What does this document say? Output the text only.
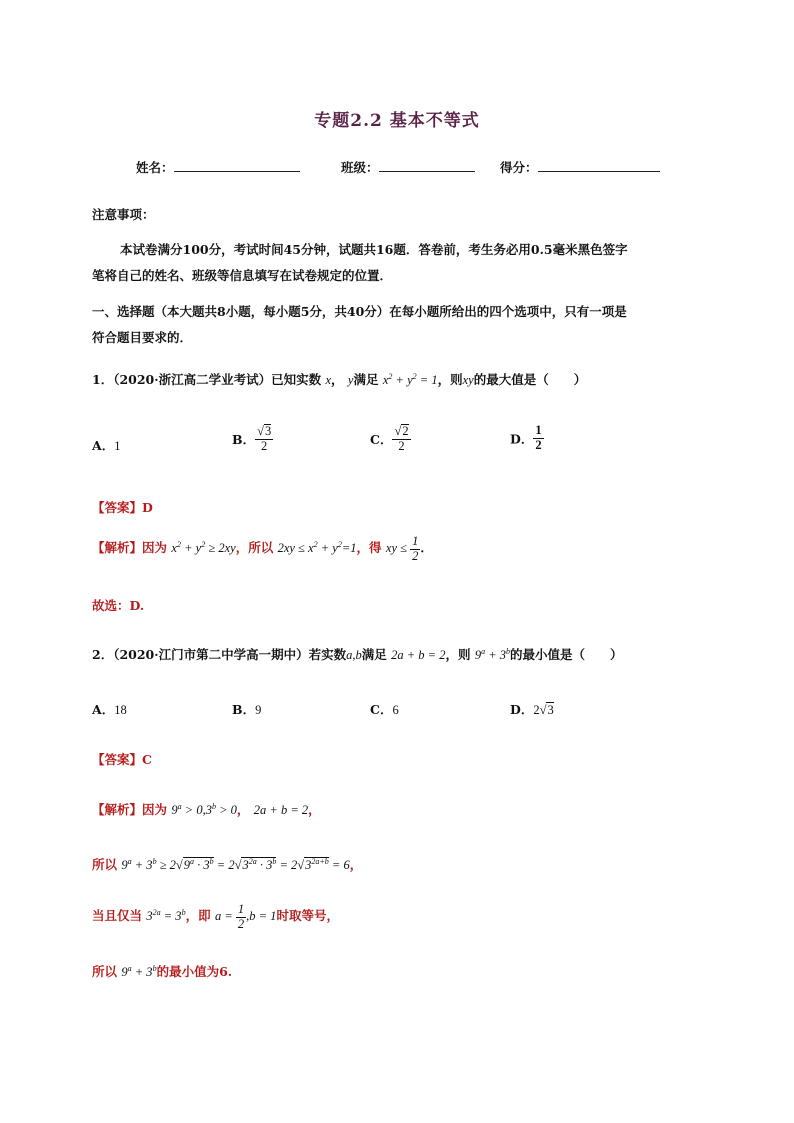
专题2.2 基本不等式
姓名：	班级：	得分：
注意事项：
本试卷满分100分，考试时间45分钟，试题共16题．答卷前，考生务必用0.5毫米黑色签字
笔将自己的姓名、班级等信息填写在试卷规定的位置．
一、选择题（本大题共8小题，每小题5分，共40分）在每小题所给出的四个选项中，只有一项是
符合题目要求的．
1．（2020·浙江高二学业考试）已知实数 x， y满足 $x^2 + y^2 = 1$，则xy的最大值是（　　）
A．1	B． $\frac{√3}{2}$	C． $\frac{√2}{2}$	D． $\frac{1}{2}$
【答案】D
【解析】因为 $x^2 + y^2 \ge 2xy$，所以 $2xy \le x^2 + y^2=1$，得 xy ≤ $\frac{1}{2}$ ．
故选：D.
2．（2020·江门市第二中学高一期中）若实数a,b满足 2a + b = 2，则 $9^a + 3^b$的最小值是（　　）
A．18	B．9	C．6	D．2√3
【答案】C
【解析】因为 $9^a > 0,3^b > 0$， 2a + b = 2，
所以 $9^a + 3^b \ge 2√9^a \cdot 3^b = 2√3^{2a} \cdot 3^b = 2√3^{2a+b} = 6$，
当且仅当 $3^{2a} = 3^b$，即 $a = \frac{1}{2} ,b = 1$时取等号，
所以 $9^a + 3^b$的最小值为6.
